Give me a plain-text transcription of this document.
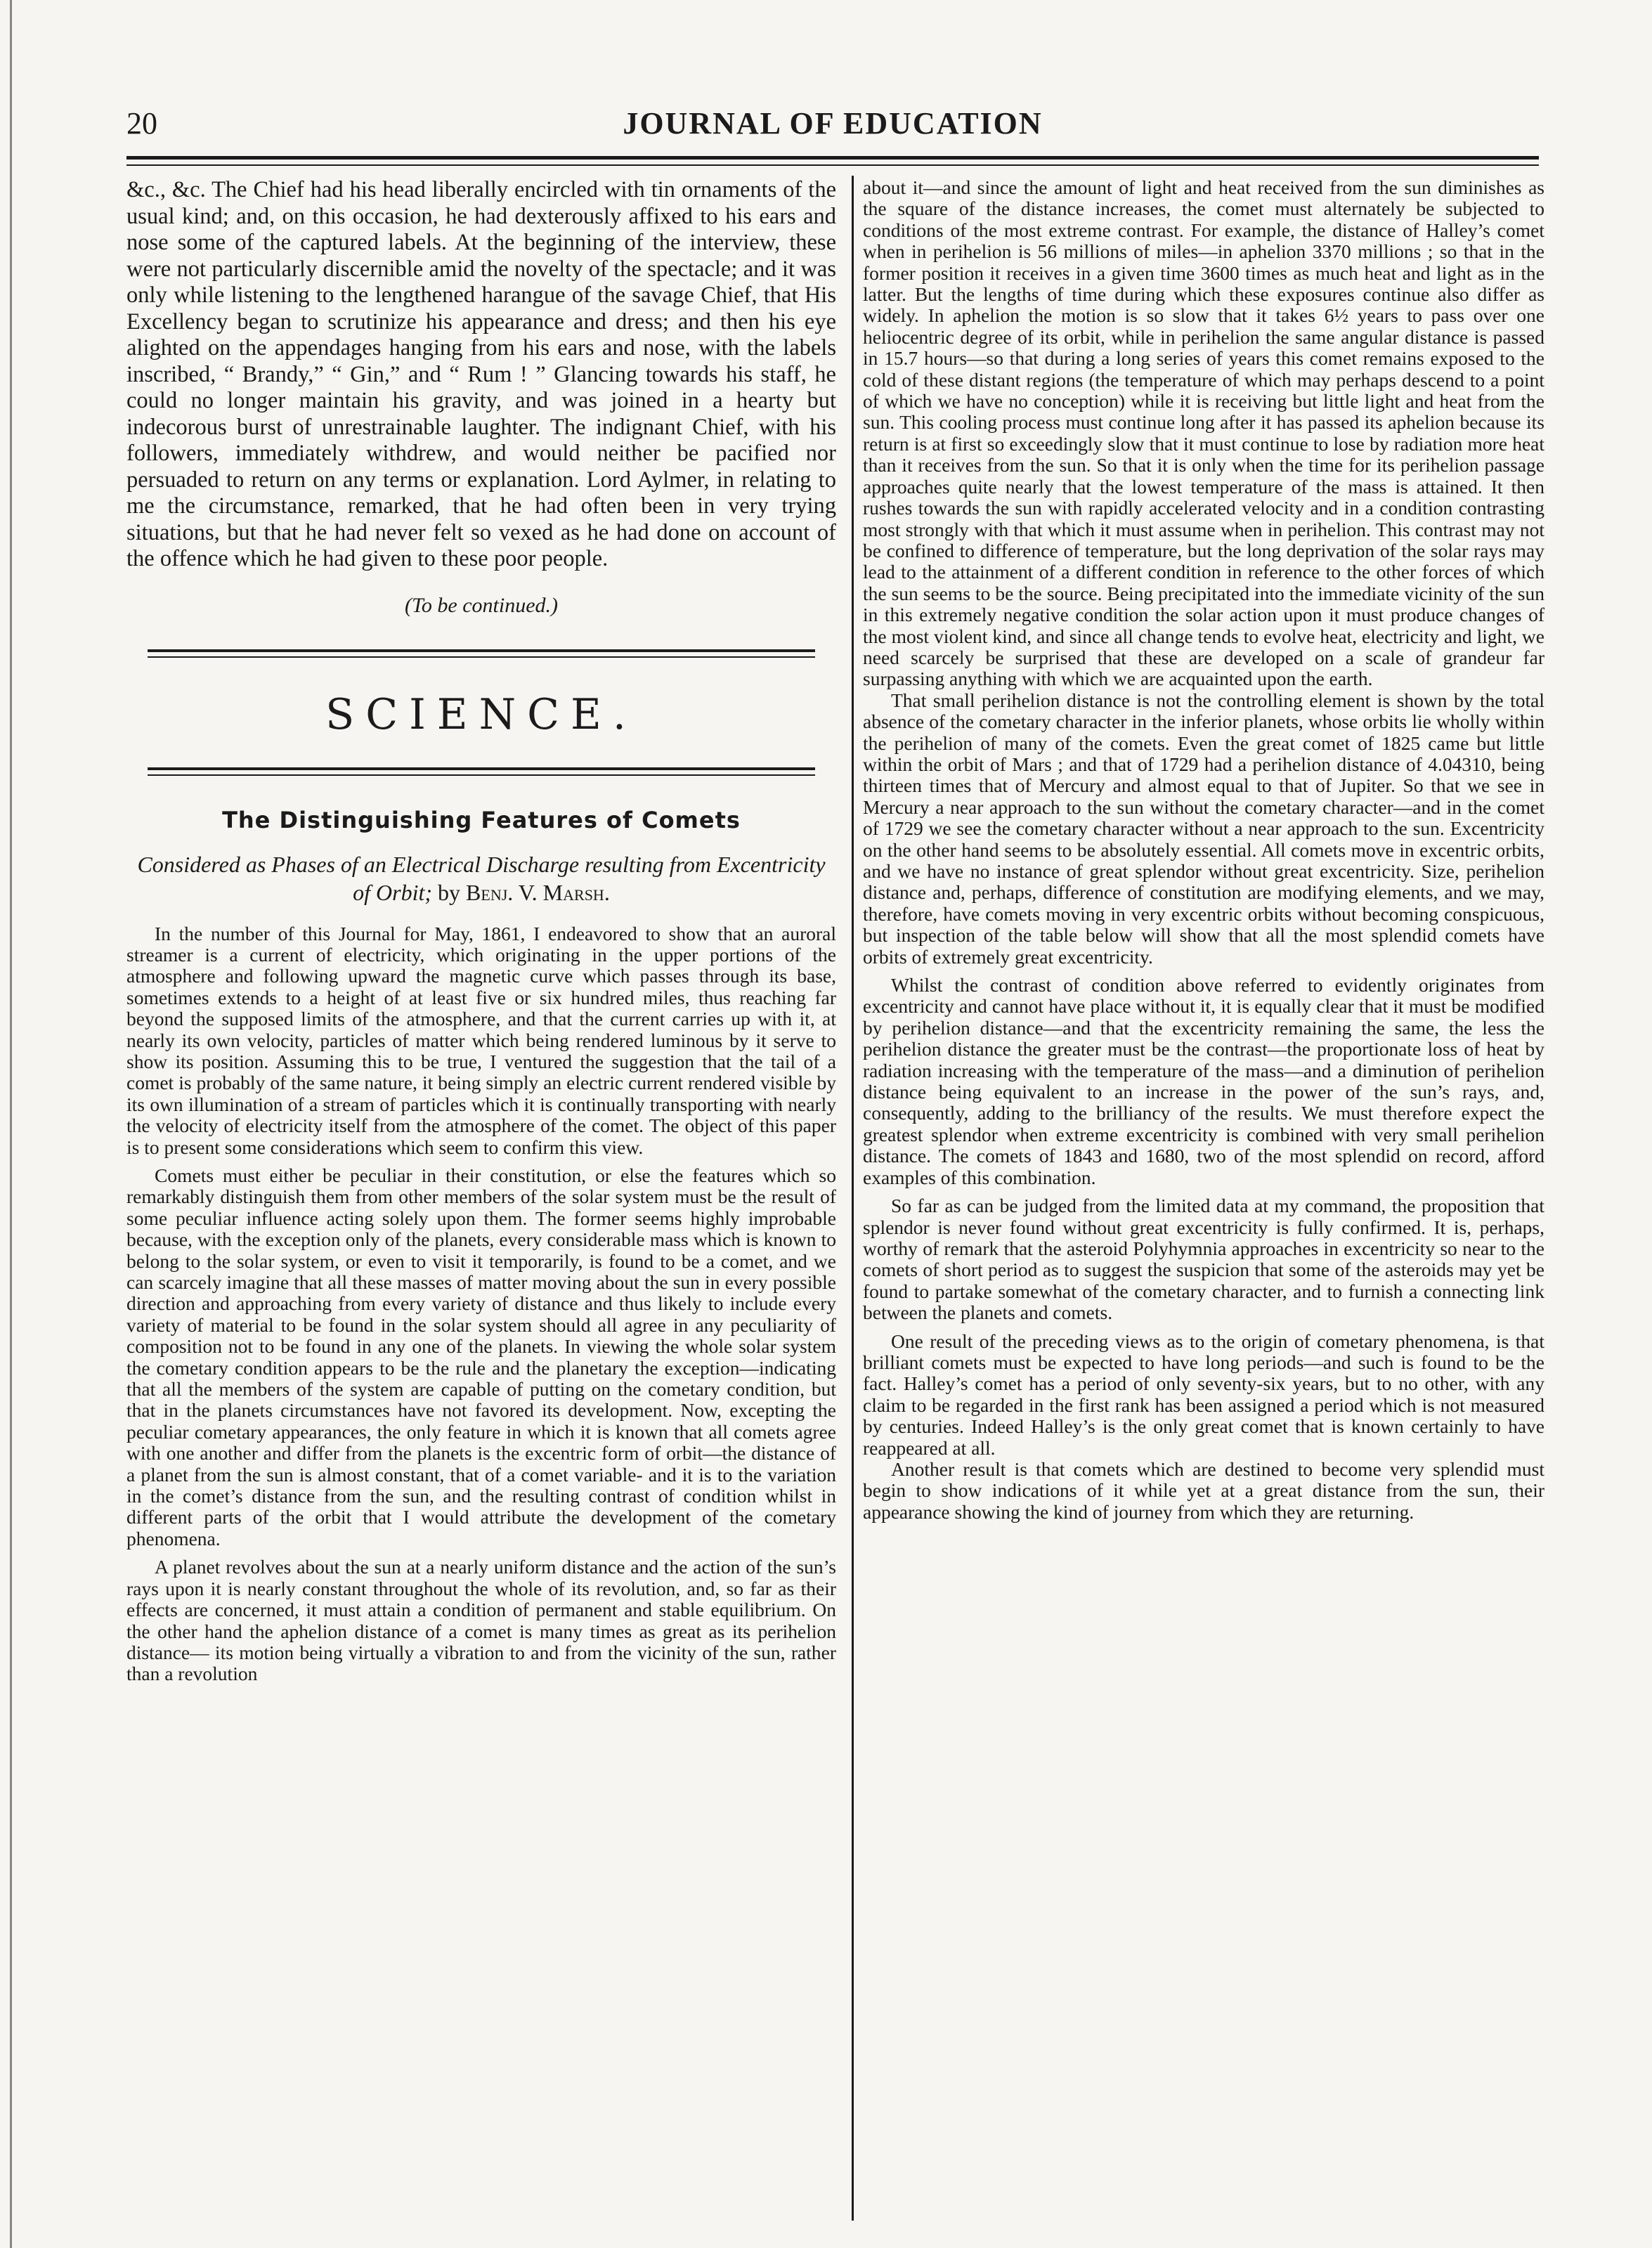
JOURNAL OF EDUCATION
20

&c., &c. The Chief had his head liberally encircled with tin ornaments of the usual kind; and, on this occasion, he had dexterously affixed to his ears and nose some of the captured labels. At the beginning of the interview, these were not particularly discernible amid the novelty of the spectacle; and it was only while listening to the lengthened harangue of the savage Chief, that His Excellency began to scrutinize his appearance and dress; and then his eye alighted on the appendages hanging from his ears and nose, with the labels inscribed, “ Brandy,” “ Gin,” and “ Rum ! ” Glancing towards his staff, he could no longer maintain his gravity, and was joined in a hearty but indecorous burst of unrestrainable laughter. The indignant Chief, with his followers, immediately withdrew, and would neither be pacified nor persuaded to return on any terms or explanation. Lord Aylmer, in relating to me the circumstance, remarked, that he had often been in very trying situations, but that he had never felt so vexed as he had done on account of the offence which he had given to these poor people.

(To be continued.)
SCIENCE.
The Distinguishing Features of Comets
Considered as Phases of an Electrical Discharge resulting from Excentricity of Orbit; by Benj. V. Marsh.

In the number of this Journal for May, 1861, I endeavored to show that an auroral streamer is a current of electricity, which originating in the upper portions of the atmosphere and following upward the magnetic curve which passes through its base, sometimes extends to a height of at least five or six hundred miles, thus reaching far beyond the supposed limits of the atmosphere, and that the current carries up with it, at nearly its own velocity, particles of matter which being rendered luminous by it serve to show its position. Assuming this to be true, I ventured the suggestion that the tail of a comet is probably of the same nature, it being simply an electric current rendered visible by its own illumination of a stream of particles which it is continually transporting with nearly the velocity of electricity itself from the atmosphere of the comet. The object of this paper is to present some considerations which seem to confirm this view.

Comets must either be peculiar in their constitution, or else the features which so remarkably distinguish them from other members of the solar system must be the result of some peculiar influence acting solely upon them. The former seems highly improbable because, with the exception only of the planets, every considerable mass which is known to belong to the solar system, or even to visit it temporarily, is found to be a comet, and we can scarcely imagine that all these masses of matter moving about the sun in every possible direction and approaching from every variety of distance and thus likely to include every variety of material to be found in the solar system should all agree in any peculiarity of composition not to be found in any one of the planets. In viewing the whole solar system the cometary condition appears to be the rule and the planetary the exception—indicating that all the members of the system are capable of putting on the cometary condition, but that in the planets circumstances have not favored its development. Now, excepting the peculiar cometary appearances, the only feature in which it is known that all comets agree with one another and differ from the planets is the excentric form of orbit—the distance of a planet from the sun is almost constant, that of a comet variable- and it is to the variation in the comet’s distance from the sun, and the resulting contrast of condition whilst in different parts of the orbit that I would attribute the development of the cometary phenomena.

A planet revolves about the sun at a nearly uniform distance and the action of the sun’s rays upon it is nearly constant throughout the whole of its revolution, and, so far as their effects are concerned, it must attain a condition of permanent and stable equilibrium. On the other hand the aphelion distance of a comet is many times as great as its perihelion distance— its motion being virtually a vibration to and from the vicinity of the sun, rather than a revolution

about it—and since the amount of light and heat received from the sun diminishes as the square of the distance increases, the comet must alternately be subjected to conditions of the most extreme contrast. For example, the distance of Halley’s comet when in perihelion is 56 millions of miles—in aphelion 3370 millions ; so that in the former position it receives in a given time 3600 times as much heat and light as in the latter. But the lengths of time during which these exposures continue also differ as widely. In aphelion the motion is so slow that it takes 6½ years to pass over one heliocentric degree of its orbit, while in perihelion the same angular distance is passed in 15.7 hours—so that during a long series of years this comet remains exposed to the cold of these distant regions (the temperature of which may perhaps descend to a point of which we have no conception) while it is receiving but little light and heat from the sun. This cooling process must continue long after it has passed its aphelion because its return is at first so exceedingly slow that it must continue to lose by radiation more heat than it receives from the sun. So that it is only when the time for its perihelion passage approaches quite nearly that the lowest temperature of the mass is attained. It then rushes towards the sun with rapidly accelerated velocity and in a condition contrasting most strongly with that which it must assume when in perihelion. This contrast may not be confined to difference of temperature, but the long deprivation of the solar rays may lead to the attainment of a different condition in reference to the other forces of which the sun seems to be the source. Being precipitated into the immediate vicinity of the sun in this extremely negative condition the solar action upon it must produce changes of the most violent kind, and since all change tends to evolve heat, electricity and light, we need scarcely be surprised that these are developed on a scale of grandeur far surpassing anything with which we are acquainted upon the earth.

That small perihelion distance is not the controlling element is shown by the total absence of the cometary character in the inferior planets, whose orbits lie wholly within the perihelion of many of the comets. Even the great comet of 1825 came but little within the orbit of Mars ; and that of 1729 had a perihelion distance of 4.04310, being thirteen times that of Mercury and almost equal to that of Jupiter. So that we see in Mercury a near approach to the sun without the cometary character—and in the comet of 1729 we see the cometary character without a near approach to the sun. Excentricity on the other hand seems to be absolutely essential. All comets move in excentric orbits, and we have no instance of great splendor without great excentricity. Size, perihelion distance and, perhaps, difference of constitution are modifying elements, and we may, therefore, have comets moving in very excentric orbits without becoming conspicuous, but inspection of the table below will show that all the most splendid comets have orbits of extremely great excentricity.

Whilst the contrast of condition above referred to evidently originates from excentricity and cannot have place without it, it is equally clear that it must be modified by perihelion distance—and that the excentricity remaining the same, the less the perihelion distance the greater must be the contrast—the proportionate loss of heat by radiation increasing with the temperature of the mass—and a diminution of perihelion distance being equivalent to an increase in the power of the sun’s rays, and, consequently, adding to the brilliancy of the results. We must therefore expect the greatest splendor when extreme excentricity is combined with very small perihelion distance. The comets of 1843 and 1680, two of the most splendid on record, afford examples of this combination.

So far as can be judged from the limited data at my command, the proposition that splendor is never found without great excentricity is fully confirmed. It is, perhaps, worthy of remark that the asteroid Polyhymnia approaches in excentricity so near to the comets of short period as to suggest the suspicion that some of the asteroids may yet be found to partake somewhat of the cometary character, and to furnish a connecting link between the planets and comets.

One result of the preceding views as to the origin of cometary phenomena, is that brilliant comets must be expected to have long periods—and such is found to be the fact. Halley’s comet has a period of only seventy-six years, but to no other, with any claim to be regarded in the first rank has been assigned a period which is not measured by centuries. Indeed Halley’s is the only great comet that is known certainly to have reappeared at all.

Another result is that comets which are destined to become very splendid must begin to show indications of it while yet at a great distance from the sun, their appearance showing the kind of journey from which they are returning.
